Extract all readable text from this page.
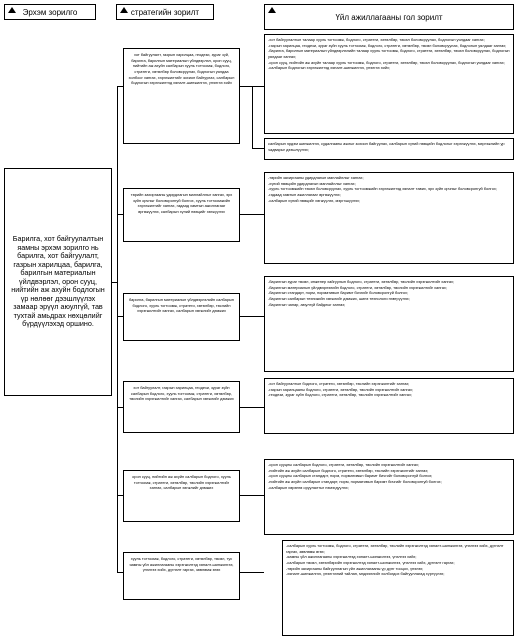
Эрхэм зорилго	стратегийн зорилт
Үйл ажиллагааны гол зорилт
Барилга, хот байгуулалтын яамны эрхэм зорилго нь барилга, хот байгуулалт, газрын харилцаа, барилга, барилгын материалын үйлдвэрлэл, орон сууц, нийтийн аж ахуйн бодлогын үр нөлөөг дээшлүүлэх замаар эрүүл аюулгүй, тав тухтай амьдрах нөхцөлийг бүрдүүлэхэд оршино.
хот байгуулалт, газрын харилцаа, геодези, зураг зүй, барилга, барилгын материалын үйлдвэрлэл, орон сууц, нийтийн аж ахуйн салбарын хууль тогтоомж, бодлого, стратеги, хөтөлбөр боловсруулах, бодлогын уялдаа холбоог хангах, хэрэгжилтийг зохион байгуулах, салбарын бодлогын хэрэгжилтэд хяналт-шинжилгээ, үнэлгээ хийх
төрийн захиргааны удирдлагын манлайллыг хангах, эрх зүйн орчныг боловсронгуй болгох, хууль тогтоомжийн хэрэгжилтийг хангах, гадаад хамтын ажиллагааг өргөжүүлэх, салбарын хүний нөөцийг хөгжүүлэх
барилга, барилгын материалын үйлдвэрлэлийн салбарын бодлого, хууль тогтоомж, стратеги, хөтөлбөр, төслийн хэрэгжилтийг хангах, салбарын хөгжлийг дэмжих
хот байгуулалт, газрын харилцаа, геодези, зураг зүйн салбарын бодлого, хууль тогтоомж, стратеги, хөтөлбөр, төслийн хэрэгжилтийг хангах, салбарын хөгжлийг дэмжих
орон сууц, нийтийн аж ахуйн салбарын бодлого, хууль тогтоомж, стратеги, хөтөлбөр, төслийн хэрэгжилтийг хангах, салбарын хөгжлийг дэмжих
хууль тогтоомж, бодлого, стратеги, хөтөлбөр, төсөл, тус яамны үйл ажиллагааны хэрэгжилтэд хяналт-шинжилгээ, үнэлгээ хийх, дүгнэлт гаргах, зөвлөмж өгөх
-хот байгуулалтын талаар хууль тогтоомж, бодлого, стратеги, хөтөлбөр, төсөл боловсруулах, бодлогын уялдааг хангах;
-газрын харилцаа, геодези, зураг зүйн хууль тогтоомж, бодлого, стратеги, хөтөлбөр, төсөл боловсруулах, бодлогын уялдааг хангах;
-барилга, барилгын материалын үйлдвэрлэлийн талаар хууль тогтоомж, бодлого, стратеги, хөтөлбөр, төсөл боловсруулах, бодлогын уялдааг хангах;
-орон сууц, нийтийн аж ахуйн талаар хууль тогтоомж, бодлого, стратеги, хөтөлбөр, төсөл боловсруулах, бодлогын уялдааг хангах;
-салбарын бодлогын хэрэгжилтэд хяналт-шинжилгээ, үнэлгээ хийх;
салбарын эрдэм шинжилгээ, судалгааны ажлыг зохион байгуулах, салбарын хүний нөөцийн бодлогыг хэрэгжүүлэх, мэргэжлийн ур чадварыг дээшлүүлэх;
-төрийн захиргааны удирдлагын манлайллыг хангах;
-хүний нөөцийн удирдлагын манлайллыг хангах;
-хууль тогтоомжийн төсөл боловсруулах, хууль тогтоомжийн хэрэгжилтэд хяналт тавих, эрх зүйн орчныг боловсронгуй болгох;
-гадаад хамтын ажиллагааг өргөжүүлэх;
-салбарын хүний нөөцийг хөгжүүлэх, мэргэшүүлэх;
-барилгын зураг төсөл, инженер хайгуулын бодлого, стратеги, хөтөлбөр, төслийн хэрэгжилтийг хангах;
-барилгын материалын үйлдвэрлэлийн бодлого, стратеги, хөтөлбөр, төслийн хэрэгжилтийг хангах;
-барилгын стандарт, норм, нормативын баримт бичгийг боловсронгуй болгох;
-барилгын салбарын техникийн хөгжлийг дэмжих, шинэ технологи нэвтрүүлэх;
-барилгын чанар, аюулгүй байдлыг хангах;
-хот байгуулалтын бодлого, стратеги, хөтөлбөр, төслийн хэрэгжилтийг хангах;
-газрын харилцааны бодлого, стратеги, хөтөлбөр, төслийн хэрэгжилтийг хангах;
-геодези, зураг зүйн бодлого, стратеги, хөтөлбөр, төслийн хэрэгжилтийг хангах;
-орон сууцны салбарын бодлого, стратеги, хөтөлбөр, төслийн хэрэгжилтийг хангах;
-нийтийн аж ахуйн салбарын бодлого, стратеги, хөтөлбөр, төслийн хэрэгжилтийг хангах;
-орон сууцны салбарын стандарт, норм, нормативын баримт бичгийг боловсронгуй болгох;
-нийтийн аж ахуйн салбарын стандарт, норм, нормативын баримт бичгийг боловсронгуй болгох;
-салбарын хөрөнгө оруулалтыг нэмэгдүүлэх;
-салбарын хууль тогтоомж, бодлого, стратеги, хөтөлбөр, төслийн хэрэгжилтэд хяналт-шинжилгээ, үнэлгээ хийх, дүгнэлт гаргах, зөвлөмж өгөх;
-яамны үйл ажиллагааны хэрэгжилтэд хяналт-шинжилгээ, үнэлгээ хийх;
-салбарын төсөл, хөтөлбөрийн хэрэгжилтэд хяналт-шинжилгээ, үнэлгээ хийх, дүгнэлт гаргах;
-төрийн захиргааны байгууллагын үйл ажиллагааны үр дүнг тооцох, үнэлэх;
-хяналт-шинжилгээ, үнэлгээний тайлан, мэдээллийг холбогдох байгууллагад хүргүүлэх;
